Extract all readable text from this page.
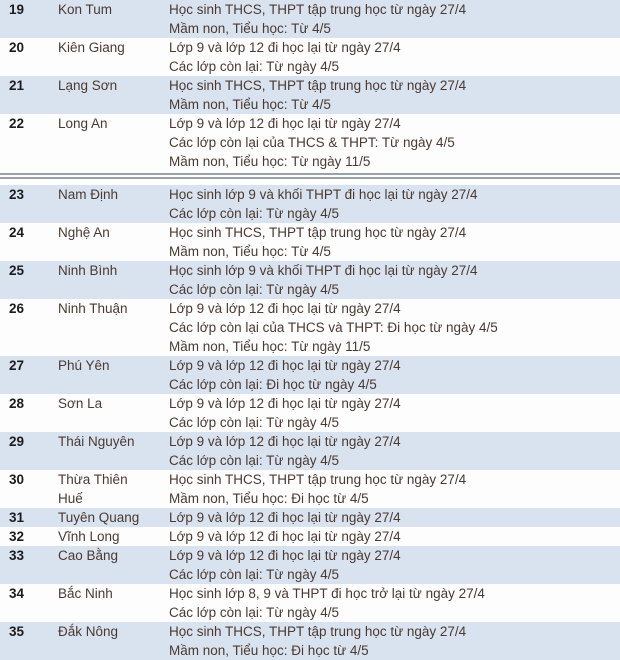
19	Kon Tum	Học sinh THCS, THPT tập trung học từ ngày 27/4
Mầm non, Tiểu học: Từ 4/5
20	Kiên Giang	Lớp 9 và lớp 12 đi học lại từ ngày 27/4
Các lớp còn lại: Từ ngày 4/5
21	Lạng Sơn	Học sinh THCS, THPT tập trung học từ ngày 27/4
Mầm non, Tiểu học: Từ 4/5
22	Long An	Lớp 9 và lớp 12 đi học lại từ ngày 27/4
Các lớp còn lại của THCS & THPT: Từ ngày 4/5
Mầm non, Tiểu học: Từ ngày 11/5
23	Nam Định	Học sinh lớp 9 và khối THPT đi học lại từ ngày 27/4
Các lớp còn lại: Từ ngày 4/5
24	Nghệ An	Học sinh THCS, THPT tập trung học từ ngày 27/4
Mầm non, Tiểu học: Từ 4/5
25	Ninh Bình	Học sinh lớp 9 và khối THPT đi học lại từ ngày 27/4
Các lớp còn lại: Từ ngày 4/5
26	Ninh Thuận	Lớp 9 và lớp 12 đi học lại từ ngày 27/4
Các lớp còn lại của THCS và THPT: Đi học từ ngày 4/5
Mầm non, Tiểu học: Từ ngày 11/5
27	Phú Yên	Lớp 9 và lớp 12 đi học lại từ ngày 27/4
Các lớp còn lại: Đi học từ ngày 4/5
28	Sơn La	Lớp 9 và lớp 12 đi học lại từ ngày 27/4
Các lớp còn lại: Từ ngày 4/5
29	Thái Nguyên	Lớp 9 và lớp 12 đi học lại từ ngày 27/4
Các lớp còn lại: Từ ngày 4/5
30	Thừa Thiên Huế
Học sinh THCS, THPT tập trung học từ ngày 27/4
Mầm non, Tiểu học: Đi học từ 4/5
31	Tuyên Quang	Lớp 9 và lớp 12 đi học lại từ ngày 27/4
32	Vĩnh Long	Lớp 9 và lớp 12 đi học lại từ ngày 27/4
33	Cao Bằng	Lớp 9 và lớp 12 đi học lại từ ngày 27/4
Các lớp còn lại: Từ ngày 4/5
34	Bắc Ninh	Học sinh lớp 8, 9 và THPT đi học trở lại từ ngày 27/4
Các lớp còn lại: Từ ngày 4/5
35	Đắk Nông	Học sinh THCS, THPT tập trung học từ ngày 27/4
Mầm non, Tiểu học: Đi học từ 4/5
